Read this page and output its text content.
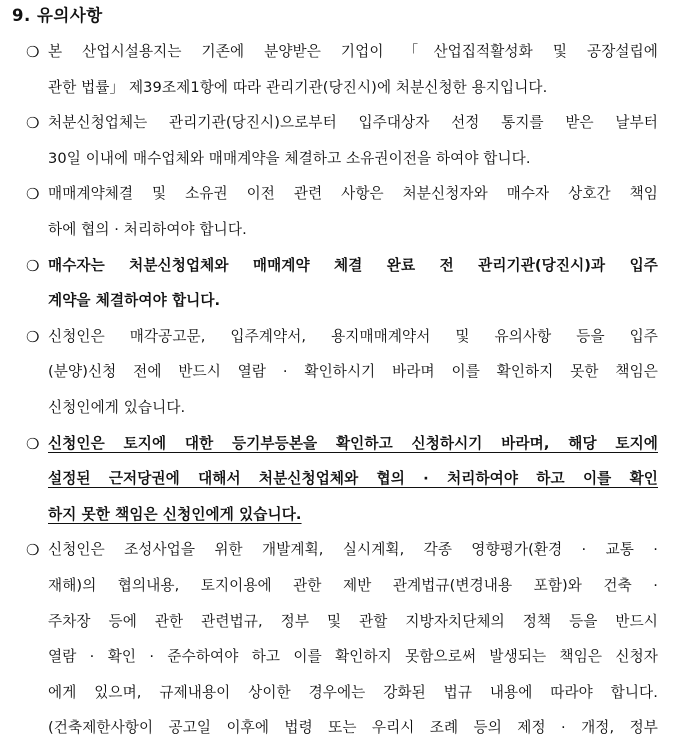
9. 유의사항
❍ 본 산업시설용지는 기존에 분양받은 기업이 「산업집적활성화 및 공장설립에
관한 법률」 제39조제1항에 따라 관리기관(당진시)에 처분신청한 용지입니다.
❍ 처분신청업체는 관리기관(당진시)으로부터 입주대상자 선정 통지를 받은 날부터
30일 이내에 매수업체와 매매계약을 체결하고 소유권이전을 하여야 합니다.
❍ 매매계약체결 및 소유권 이전 관련 사항은 처분신청자와 매수자 상호간 책임
하에 협의 · 처리하여야 합니다.
❍ 매수자는 처분신청업체와 매매계약 체결 완료 전 관리기관(당진시)과 입주
계약을 체결하여야 합니다.
❍ 신청인은 매각공고문, 입주계약서, 용지매매계약서 및 유의사항 등을 입주
(분양)신청 전에 반드시 열람 · 확인하시기 바라며 이를 확인하지 못한 책임은
신청인에게 있습니다.
❍ 신청인은 토지에 대한 등기부등본을 확인하고 신청하시기 바라며, 해당 토지에
설정된 근저당권에 대해서 처분신청업체와 협의 · 처리하여야 하고 이를 확인
하지 못한 책임은 신청인에게 있습니다.
❍ 신청인은 조성사업을 위한 개발계획, 실시계획, 각종 영향평가(환경 · 교통 ·
재해)의 협의내용, 토지이용에 관한 제반 관계법규(변경내용 포함)와 건축 ·
주차장 등에 관한 관련법규, 정부 및 관할 지방자치단체의 정책 등을 반드시
열람 · 확인 · 준수하여야 하고 이를 확인하지 못함으로써 발생되는 책임은 신청자
에게 있으며, 규제내용이 상이한 경우에는 강화된 법규 내용에 따라야 합니다.
(건축제한사항이 공고일 이후에 법령 또는 우리시 조례 등의 제정 · 개정, 정부
